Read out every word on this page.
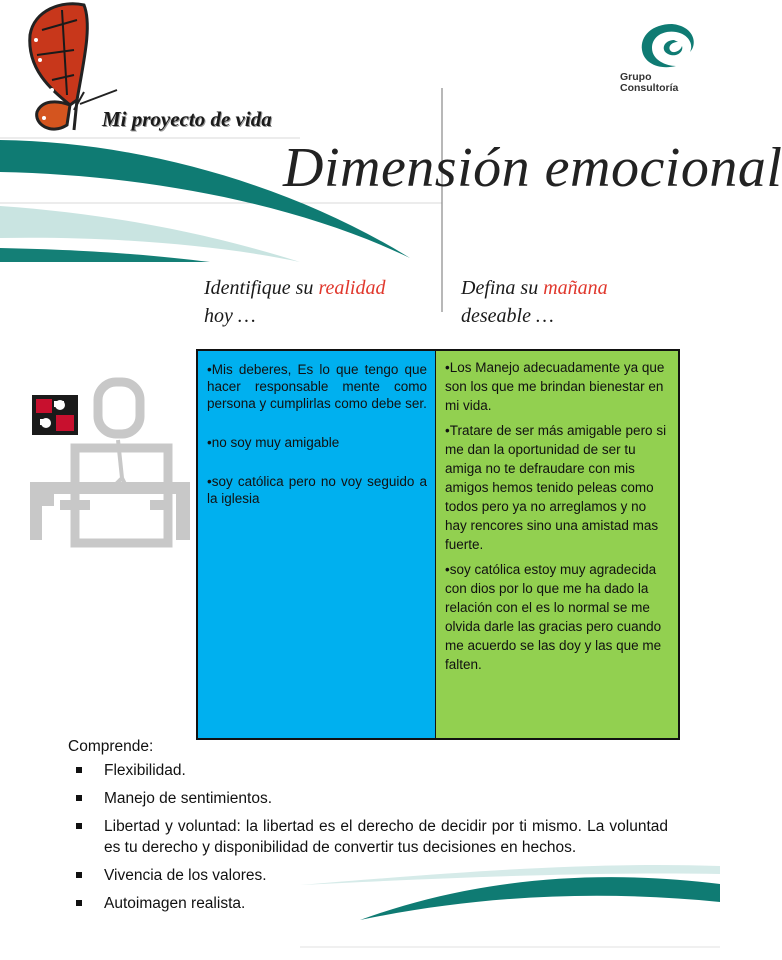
Grupo
Consultoría
Mi proyecto de vida
Dimensión emocional
Identifique su realidad hoy …
Defina su mañana deseable …

•Mis deberes, Es lo que tengo que hacer responsable mente como persona y cumplirlas como debe ser.

•no soy muy amigable

•soy católica pero no voy seguido a la iglesia

•Los Manejo adecuadamente ya que son los que me brindan bienestar en mi vida.

•Tratare de ser más amigable pero si me dan la oportunidad de ser tu amiga no te defraudare con mis amigos hemos tenido peleas como todos pero ya no arreglamos y no hay rencores sino una amistad mas fuerte.

•soy católica estoy muy agradecida con dios por lo que me ha dado la relación con el es lo normal se me olvida darle las gracias pero cuando me acuerdo se las doy y las que me falten.

Comprende:
Flexibilidad.
Manejo de sentimientos.
Libertad y voluntad: la libertad es el derecho de decidir por ti mismo. La voluntad es tu derecho y disponibilidad de convertir tus decisiones en hechos.
Vivencia de los valores.
Autoimagen realista.
